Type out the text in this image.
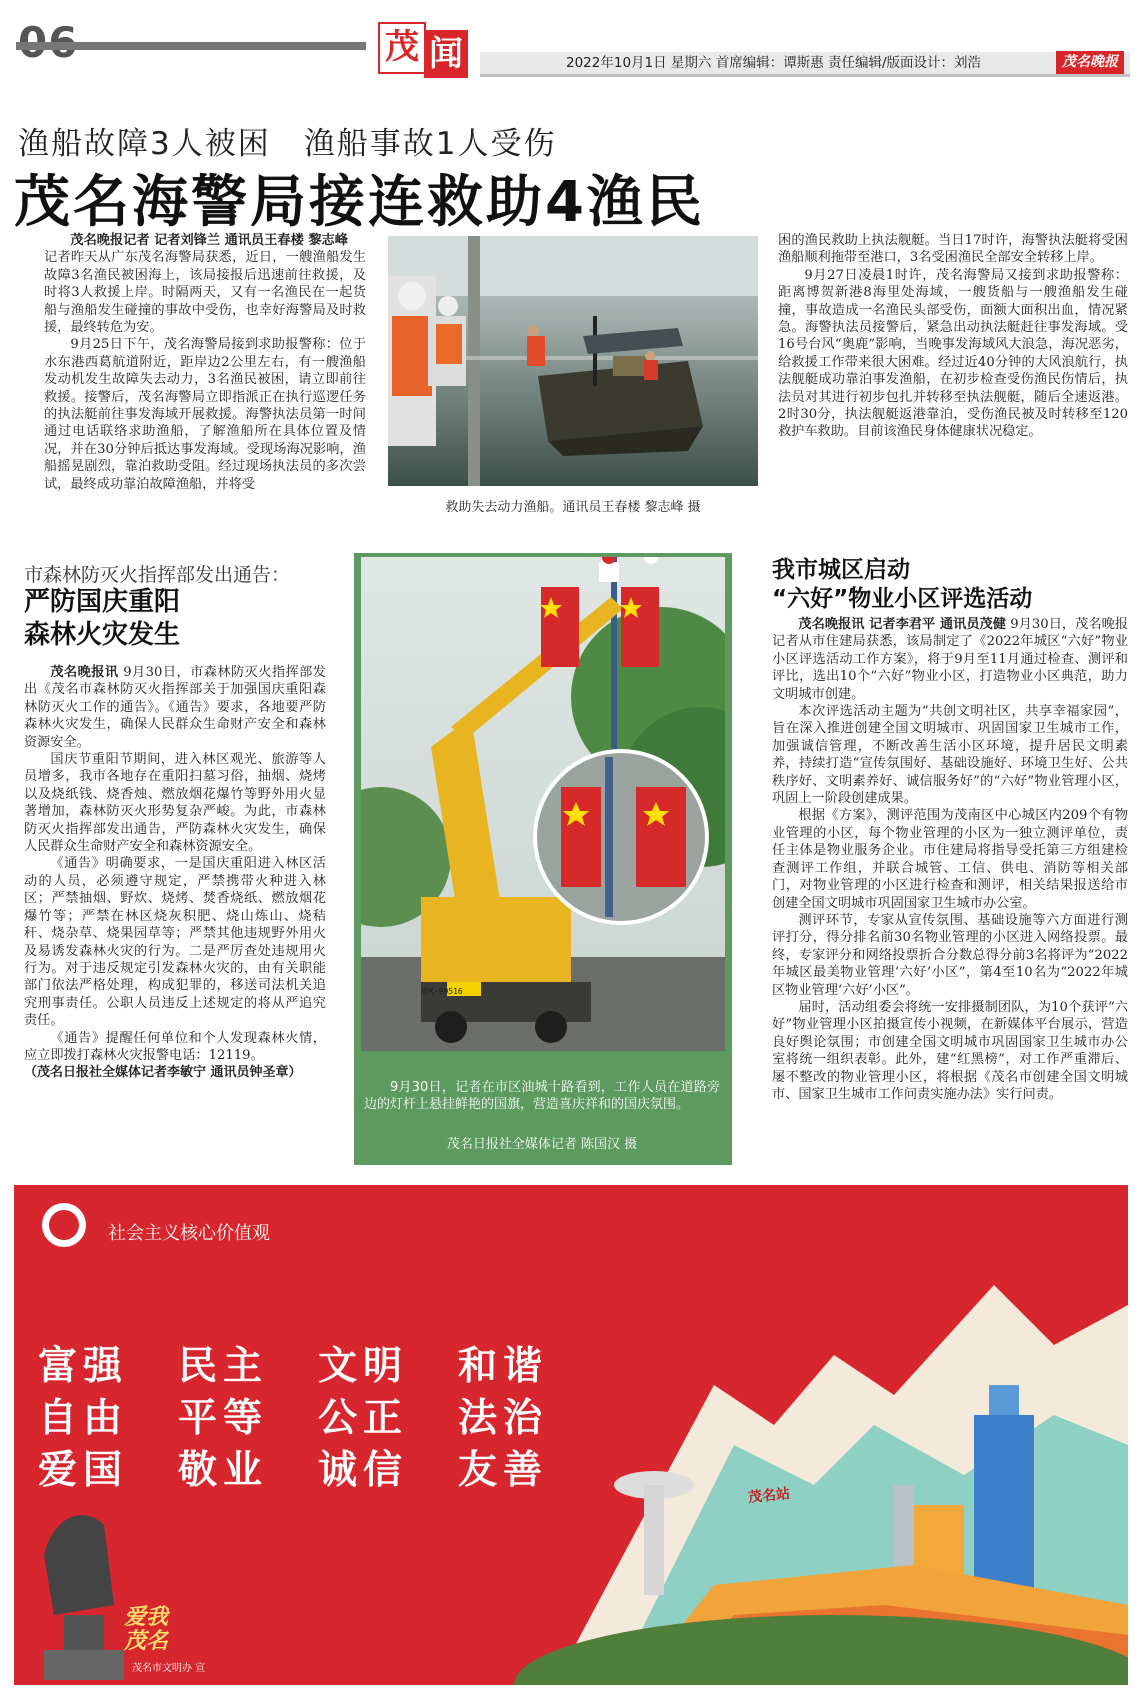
茂 闻	2022年10月1日 星期六 首席编辑：谭斯惠 责任编辑/版面设计：刘浩	茂名晚报
渔船故障3人被困　渔船事故1人受伤
茂名海警局接连救助4渔民

茂名晚报记者 记者刘锋兰 通讯员王春楼 黎志峰

记者昨天从广东茂名海警局获悉，近日，一艘渔船发生故障3名渔民被困海上，该局接报后迅速前往救援，及时将3人救援上岸。时隔两天，又有一名渔民在一起货船与渔船发生碰撞的事故中受伤，也幸好海警局及时救援，最终转危为安。

9月25日下午，茂名海警局接到求助报警称：位于水东港西葛航道附近，距岸边2公里左右，有一艘渔船发动机发生故障失去动力，3名渔民被困，请立即前往救援。接警后，茂名海警局立即指派正在执行巡逻任务的执法艇前往事发海域开展救援。海警执法员第一时间通过电话联络求助渔船，了解渔船所在具体位置及情况，并在30分钟后抵达事发海域。受现场海况影响，渔船摇晃剧烈，靠泊救助受阻。经过现场执法员的多次尝试，最终成功靠泊故障渔船，并将受

救助失去动力渔船。通讯员王春楼 黎志峰 摄

困的渔民救助上执法舰艇。当日17时许，海警执法艇将受困渔船顺利拖带至港口，3名受困渔民全部安全转移上岸。

9月27日凌晨1时许，茂名海警局又接到求助报警称：距离博贺新港8海里处海域，一艘货船与一艘渔船发生碰撞，事故造成一名渔民头部受伤，面额大面积出血，情况紧急。海警执法员接警后，紧急出动执法艇赶往事发海域。受16号台风“奥鹿”影响，当晚事发海域风大浪急，海况恶劣，给救援工作带来很大困难。经过近40分钟的大风浪航行，执法舰艇成功靠泊事发渔船，在初步检查受伤渔民伤情后，执法员对其进行初步包扎并转移至执法舰艇，随后全速返港。2时30分，执法舰艇返港靠泊，受伤渔民被及时转移至120救护车救助。目前该渔民身体健康状况稳定。

市森林防灭火指挥部发出通告：
严防国庆重阳
森林火灾发生

茂名晚报讯 9月30日，市森林防灭火指挥部发出《茂名市森林防灭火指挥部关于加强国庆重阳森林防灭火工作的通告》。《通告》要求，各地要严防森林火灾发生，确保人民群众生命财产安全和森林资源安全。

国庆节重阳节期间，进入林区观光、旅游等人员增多，我市各地存在重阳扫墓习俗，抽烟、烧烤以及烧纸钱、烧香烛、燃放烟花爆竹等野外用火显著增加，森林防灭火形势复杂严峻。为此，市森林防灭火指挥部发出通告，严防森林火灾发生，确保人民群众生命财产安全和森林资源安全。

《通告》明确要求，一是国庆重阳进入林区活动的人员，必须遵守规定，严禁携带火种进入林区；严禁抽烟、野炊、烧烤、焚香烧纸、燃放烟花爆竹等；严禁在林区烧灰积肥、烧山炼山、烧秸秆、烧杂草、烧果园草等；严禁其他违规野外用火及易诱发森林火灾的行为。二是严厉查处违规用火行为。对于违反规定引发森林火灾的，由有关职能部门依法严格处理，构成犯罪的，移送司法机关追究刑事责任。公职人员违反上述规定的将从严追究责任。

《通告》提醒任何单位和个人发现森林火情，应立即拨打森林火灾报警电话：12119。

（茂名日报社全媒体记者李敏宁 通讯员钟圣章）
9月30日，记者在市区油城十路看到，工作人员在道路旁边的灯杆上悬挂鲜艳的国旗，营造喜庆祥和的国庆氛围。
茂名日报社全媒体记者 陈国汉 摄
粤K·99516
我市城区启动
“六好”物业小区评选活动

茂名晚报讯 记者李君平 通讯员茂健 9月30日，茂名晚报记者从市住建局获悉，该局制定了《2022年城区“六好”物业小区评选活动工作方案》，将于9月至11月通过检查、测评和评比，选出10个“六好”物业小区，打造物业小区典范，助力文明城市创建。

本次评选活动主题为“共创文明社区，共享幸福家园”，旨在深入推进创建全国文明城市、巩固国家卫生城市工作，加强诚信管理，不断改善生活小区环境，提升居民文明素养，持续打造“宣传氛围好、基础设施好、环境卫生好、公共秩序好、文明素养好、诚信服务好”的“六好”物业管理小区，巩固上一阶段创建成果。

根据《方案》，测评范围为茂南区中心城区内209个有物业管理的小区，每个物业管理的小区为一独立测评单位，责任主体是物业服务企业。市住建局将指导受托第三方组建检查测评工作组，并联合城管、工信、供电、消防等相关部门，对物业管理的小区进行检查和测评，相关结果报送给市创建全国文明城市巩固国家卫生城市办公室。

测评环节，专家从宣传氛围、基础设施等六方面进行测评打分，得分排名前30名物业管理的小区进入网络投票。最终，专家评分和网络投票折合分数总得分前3名将评为“2022年城区最美物业管理‘六好’小区”，第4至10名为“2022年城区物业管理‘六好’小区”。

届时，活动组委会将统一安排摄制团队，为10个获评“六好”物业管理小区拍摄宣传小视频，在新媒体平台展示，营造良好舆论氛围；市创建全国文明城市巩固国家卫生城市办公室将统一组织表彰。此外，建“红黑榜”，对工作严重滞后、屡不整改的物业管理小区，将根据《茂名市创建全国文明城市、国家卫生城市工作问责实施办法》实行问责。

社会主义核心价值观
茂名站
富强 民主 文明 和谐
自由 平等 公正 法治
爱国 敬业 诚信 友善
爱我
茂名
茂名市文明办 宣
